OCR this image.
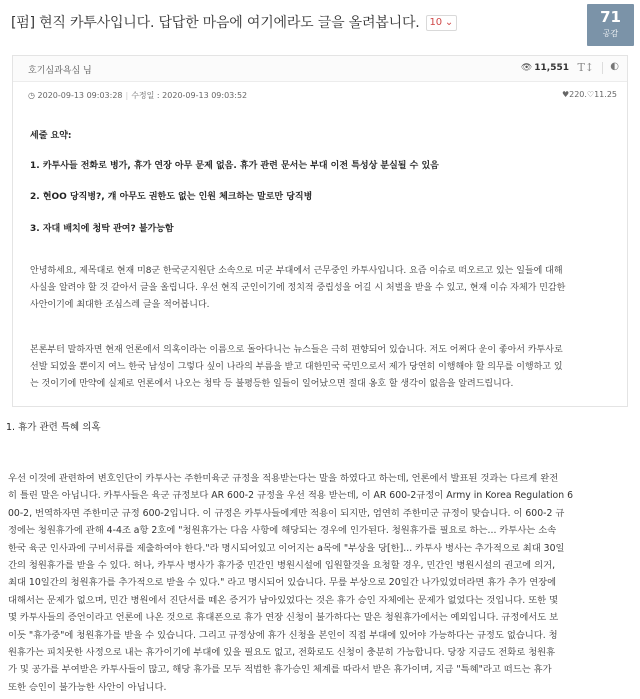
[펌] 현직 카투사입니다. 답답한 마음에 여기에라도 글을 올려봅니다. 10 ⌄	71
공감
호기심과욕심 님	👁 11,551 T↕ ◐
◷ 2020-09-13 09:03:28 | 수정일 : 2020-09-13 09:03:52	♥220.♡11.25

세줄 요약:

1. 카투사들 전화로 병가, 휴가 연장 아무 문제 없음. 휴가 관련 문서는 부대 이전 특성상 분실될 수 있음

2. 현OO 당직병?, 걔 아무도 권한도 없는 인원 체크하는 말로만 당직병

3. 자대 배치에 청탁 관여? 불가능함

안녕하세요, 제목대로 현재 미8군 한국군지원단 소속으로 미군 부대에서 근무중인 카투사입니다. 요즘 이슈로 떠오르고 있는 일들에 대해

사실을 알려야 할 것 같아서 글을 올립니다. 우선 현직 군인이기에 정치적 중립성을 어길 시 처벌을 받을 수 있고, 현재 이슈 자체가 민감한

사안이기에 최대한 조심스레 글을 적어봅니다.

본론부터 말하자면 현재 언론에서 의혹이라는 이름으로 돌아다니는 뉴스들은 극히 편향되어 있습니다. 저도 어쩌다 운이 좋아서 카투사로

선발 되었을 뿐이지 여느 한국 남성이 그렇다 싶이 나라의 부름을 받고 대한민국 국민으로서 제가 당연히 이행해야 할 의무를 이행하고 있

는 것이기에 만약에 실제로 언론에서 나오는 청탁 등 불평등한 일들이 일어났으면 절대 옹호 할 생각이 없음을 알려드립니다.

1. 휴가 관련 특혜 의혹

우선 이것에 관련하여 변호인단이 카투사는 주한미육군 규정을 적용받는다는 말을 하였다고 하는데, 언론에서 발표된 것과는 다르게 완전

히 틀린 말은 아닙니다. 카투사들은 육군 규정보다 AR 600-2 규정을 우선 적용 받는데, 이 AR 600-2규정이 Army in Korea Regulation 6

00-2, 번역하자면 주한미군 규정 600-2입니다. 이 규정은 카투사들에게만 적용이 되지만, 엄연히 주한미군 규정이 맞습니다. 이 600-2 규

정에는 청원휴가에 관해 4-4조 a항 2호에 "청원휴가는 다음 사항에 해당되는 경우에 인가된다. 청원휴가를 필요로 하는... 카투사는 소속

한국 육군 인사과에 구비서류를 제출하여야 한다."라 명시되어있고 이어지는 a목에 "부상을 당[한]... 카투사 병사는 추가적으로 최대 30일

간의 청원휴가를 받을 수 있다. 허나, 카투사 병사가 휴가중 민간인 병원시설에 입원할것을 요청할 경우, 민간인 병원시설의 권고에 의거,

최대 10일간의 청원휴가를 추가적으로 받을 수 있다." 라고 명시되어 있습니다. 무릎 부상으로 20일간 나가있었더라면 휴가 추가 연장에

대해서는 문제가 없으며, 민간 병원에서 진단서를 떼온 증거가 남아있었다는 것은 휴가 승인 자체에는 문제가 없었다는 것입니다. 또한 몇

몇 카투사들의 증언이라고 언론에 나온 것으로 휴대폰으로 휴가 연장 신청이 불가하다는 말은 청원휴가에서는 예외입니다. 규정에서도 보

이듯 "휴가중"에 청원휴가를 받을 수 있습니다. 그리고 규정상에 휴가 신청을 본인이 직접 부대에 있어야 가능하다는 규정도 없습니다. 청

원휴가는 피치못한 사정으로 내는 휴가이기에 부대에 있을 필요도 없고, 전화로도 신청이 충분히 가능합니다. 당장 지금도 전화로 청원휴

가 및 공가를 부여받은 카투사들이 많고, 해당 휴가를 모두 적법한 휴가승인 체계를 따라서 받은 휴가이며, 지금 "특혜"라고 떠드는 휴가

또한 승인이 불가능한 사안이 아닙니다.
